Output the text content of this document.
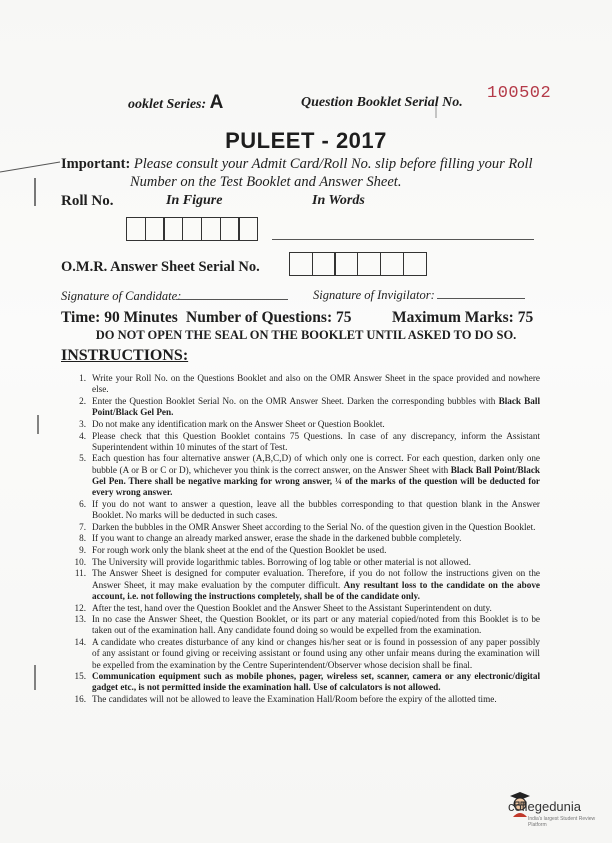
ooklet Series: A	Question Booklet Serial No. 100502
PULEET - 2017
Important: Please consult your Admit Card/Roll No. slip before filling your Roll
Number on the Test Booklet and Answer Sheet.
Roll No.	In Figure	In Words
O.M.R. Answer Sheet Serial No.
Signature of Candidate:	Signature of Invigilator:
Time: 90 Minutes Number of Questions: 75	Maximum Marks: 75
DO NOT OPEN THE SEAL ON THE BOOKLET UNTIL ASKED TO DO SO.
INSTRUCTIONS:
1. Write your Roll No. on the Questions Booklet and also on the OMR Answer Sheet in the space provided and nowhere else.
2. Enter the Question Booklet Serial No. on the OMR Answer Sheet. Darken the corresponding bubbles with Black Ball Point/Black Gel Pen.
3. Do not make any identification mark on the Answer Sheet or Question Booklet.
4. Please check that this Question Booklet contains 75 Questions. In case of any discrepancy, inform the Assistant Superintendent within 10 minutes of the start of Test.
5. Each question has four alternative answer (A,B,C,D) of which only one is correct. For each question, darken only one bubble (A or B or C or D), whichever you think is the correct answer, on the Answer Sheet with Black Ball Point/Black Gel Pen. There shall be negative marking for wrong answer, ¼ of the marks of the question will be deducted for every wrong answer.
6. If you do not want to answer a question, leave all the bubbles corresponding to that question blank in the Answer Booklet. No marks will be deducted in such cases.
7. Darken the bubbles in the OMR Answer Sheet according to the Serial No. of the question given in the Question Booklet.
8. If you want to change an already marked answer, erase the shade in the darkened bubble completely.
9. For rough work only the blank sheet at the end of the Question Booklet be used.
10. The University will provide logarithmic tables. Borrowing of log table or other material is not allowed.
11. The Answer Sheet is designed for computer evaluation. Therefore, if you do not follow the instructions given on the Answer Sheet, it may make evaluation by the computer difficult. Any resultant loss to the candidate on the above account, i.e. not following the instructions completely, shall be of the candidate only.
12. After the test, hand over the Question Booklet and the Answer Sheet to the Assistant Superintendent on duty.
13. In no case the Answer Sheet, the Question Booklet, or its part or any material copied/noted from this Booklet is to be taken out of the examination hall. Any candidate found doing so would be expelled from the examination.
14. A candidate who creates disturbance of any kind or changes his/her seat or is found in possession of any paper possibly of any assistant or found giving or receiving assistant or found using any other unfair means during the examination will be expelled from the examination by the Centre Superintendent/Observer whose decision shall be final.
15. Communication equipment such as mobile phones, pager, wireless set, scanner, camera or any electronic/digital gadget etc., is not permitted inside the examination hall. Use of calculators is not allowed.
16. The candidates will not be allowed to leave the Examination Hall/Room before the expiry of the allotted time.
collegedunia
India's largest Student Review Platform
